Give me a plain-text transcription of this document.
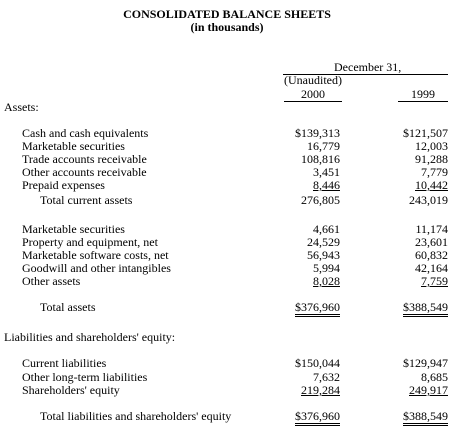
CONSOLIDATED BALANCE SHEETS
(in thousands)
December 31,
(Unaudited)
2000	1999
Assets:
Cash and cash equivalents	$139,313	$121,507
Marketable securities	16,779	12,003
Trade accounts receivable	108,816	91,288
Other accounts receivable	3,451	7,779
Prepaid expenses	8,446	10,442
Total current assets	276,805	243,019
Marketable securities	4,661	11,174
Property and equipment, net	24,529	23,601
Marketable software costs, net	56,943	60,832
Goodwill and other intangibles	5,994	42,164
Other assets	8,028	7,759
Total assets	$376,960	$388,549
Liabilities and shareholders' equity:
Current liabilities	$150,044	$129,947
Other long-term liabilities	7,632	8,685
Shareholders' equity	219,284	249,917
Total liabilities and shareholders' equity	$376,960	$388,549
